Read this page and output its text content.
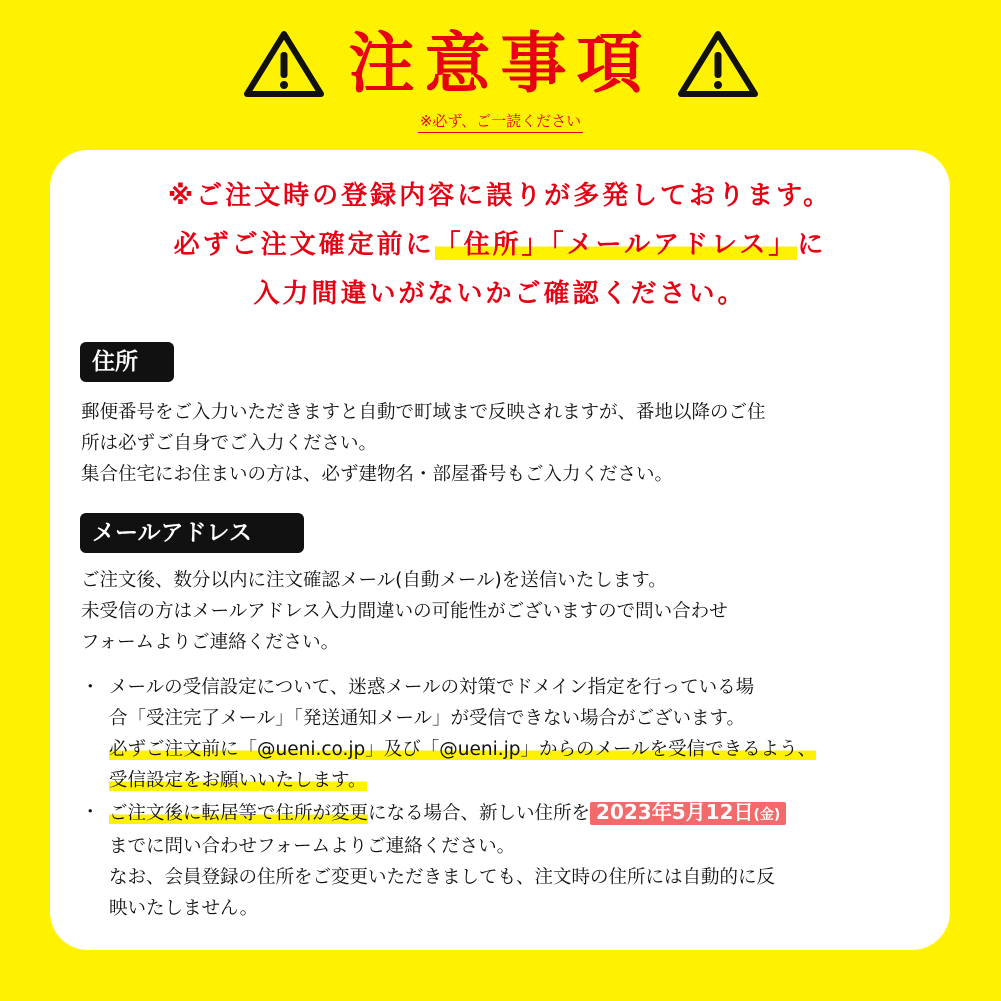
注意事項
※必ず、ご一読ください
※ご注文時の登録内容に誤りが多発しております。
必ずご注文確定前に「住所」「メールアドレス」に
入力間違いがないかご確認ください。
住所
郵便番号をご入力いただきますと自動で町域まで反映されますが、番地以降のご住
所は必ずご自身でご入力ください。
集合住宅にお住まいの方は、必ず建物名・部屋番号もご入力ください。
メールアドレス
ご注文後、数分以内に注文確認メール(自動メール)を送信いたします。
未受信の方はメールアドレス入力間違いの可能性がございますので問い合わせ
フォームよりご連絡ください。
・ メールの受信設定について、迷惑メールの対策でドメイン指定を行っている場
合「受注完了メール」「発送通知メール」が受信できない場合がございます。
必ずご注文前に「@ueni.co.jp」及び「@ueni.jp」からのメールを受信できるよう、
受信設定をお願いいたします。
・ ご注文後に転居等で住所が変更になる場合、新しい住所を 2023年5月12日(金)
までに問い合わせフォームよりご連絡ください。
なお、会員登録の住所をご変更いただきましても、注文時の住所には自動的に反
映いたしません。
